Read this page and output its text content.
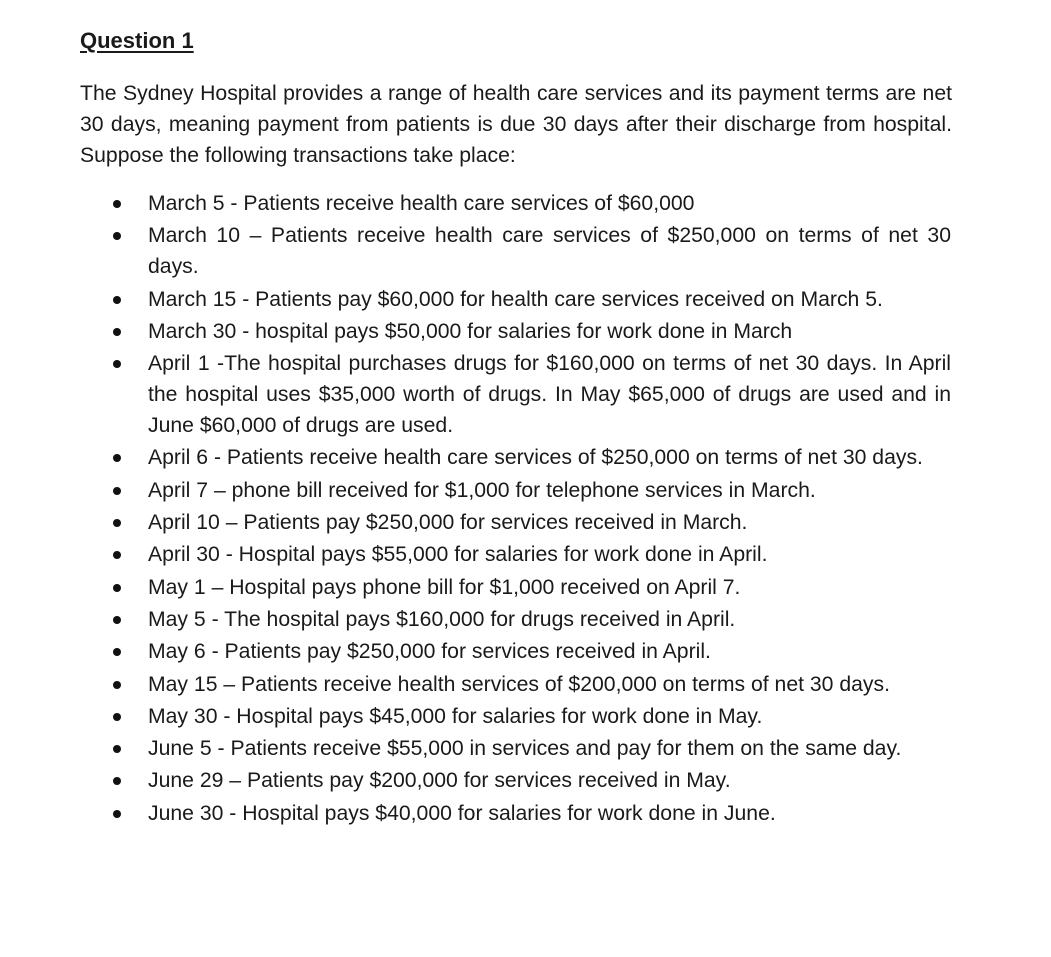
Question 1

The Sydney Hospital provides a range of health care services and its payment terms are net 30 days, meaning payment from patients is due 30 days after their discharge from hospital. Suppose the following transactions take place:

March 5 - Patients receive health care services of $60,000
March 10 – Patients receive health care services of $250,000 on terms of net 30 days.
March 15 - Patients pay $60,000 for health care services received on March 5.
March 30 - hospital pays $50,000 for salaries for work done in March
April 1 -The hospital purchases drugs for $160,000 on terms of net 30 days. In April the hospital uses $35,000 worth of drugs. In May $65,000 of drugs are used and in June $60,000 of drugs are used.
April 6 - Patients receive health care services of $250,000 on terms of net 30 days.
April 7 – phone bill received for $1,000 for telephone services in March.
April 10 – Patients pay $250,000 for services received in March.
April 30 - Hospital pays $55,000 for salaries for work done in April.
May 1 – Hospital pays phone bill for $1,000 received on April 7.
May 5 - The hospital pays $160,000 for drugs received in April.
May 6 - Patients pay $250,000 for services received in April.
May 15 – Patients receive health services of $200,000 on terms of net 30 days.
May 30 - Hospital pays $45,000 for salaries for work done in May.
June 5 - Patients receive $55,000 in services and pay for them on the same day.
June 29 – Patients pay $200,000 for services received in May.
June 30 - Hospital pays $40,000 for salaries for work done in June.
